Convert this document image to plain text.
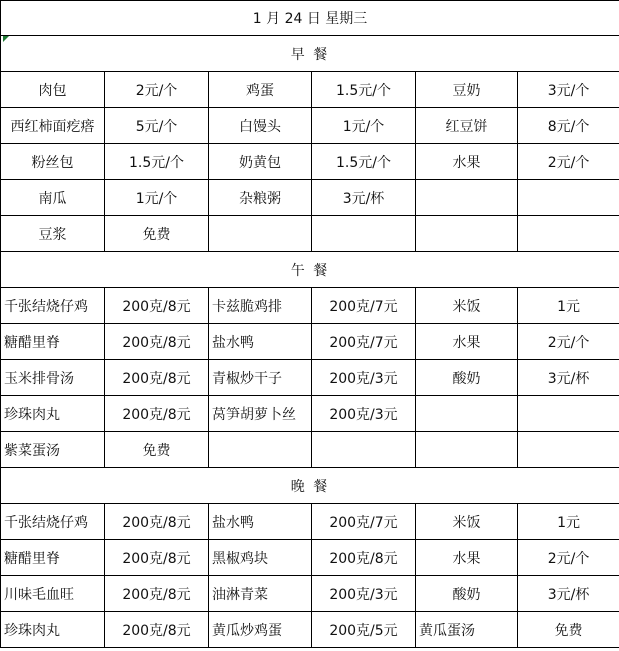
1 月 24 日 星期三					
早 餐					
肉包	2元/个	鸡蛋	1.5元/个	豆奶	3元/个
西红柿面疙瘩	5元/个	白馒头	1元/个	红豆饼	8元/个
粉丝包	1.5元/个	奶黄包	1.5元/个	水果	2元/个
南瓜	1元/个	杂粮粥	3元/杯		
豆浆	免费				
午 餐					
千张结烧仔鸡	200克/8元	卡兹脆鸡排	200克/7元	米饭	1元
糖醋里脊	200克/8元	盐水鸭	200克/7元	水果	2元/个
玉米排骨汤	200克/8元	青椒炒干子	200克/3元	酸奶	3元/杯
珍珠肉丸	200克/8元	莴笋胡萝卜丝	200克/3元		
紫菜蛋汤	免费				
晚 餐					
千张结烧仔鸡	200克/8元	盐水鸭	200克/7元	米饭	1元
糖醋里脊	200克/8元	黑椒鸡块	200克/8元	水果	2元/个
川味毛血旺	200克/8元	油淋青菜	200克/3元	酸奶	3元/杯
珍珠肉丸	200克/8元	黄瓜炒鸡蛋	200克/5元	黄瓜蛋汤	免费
